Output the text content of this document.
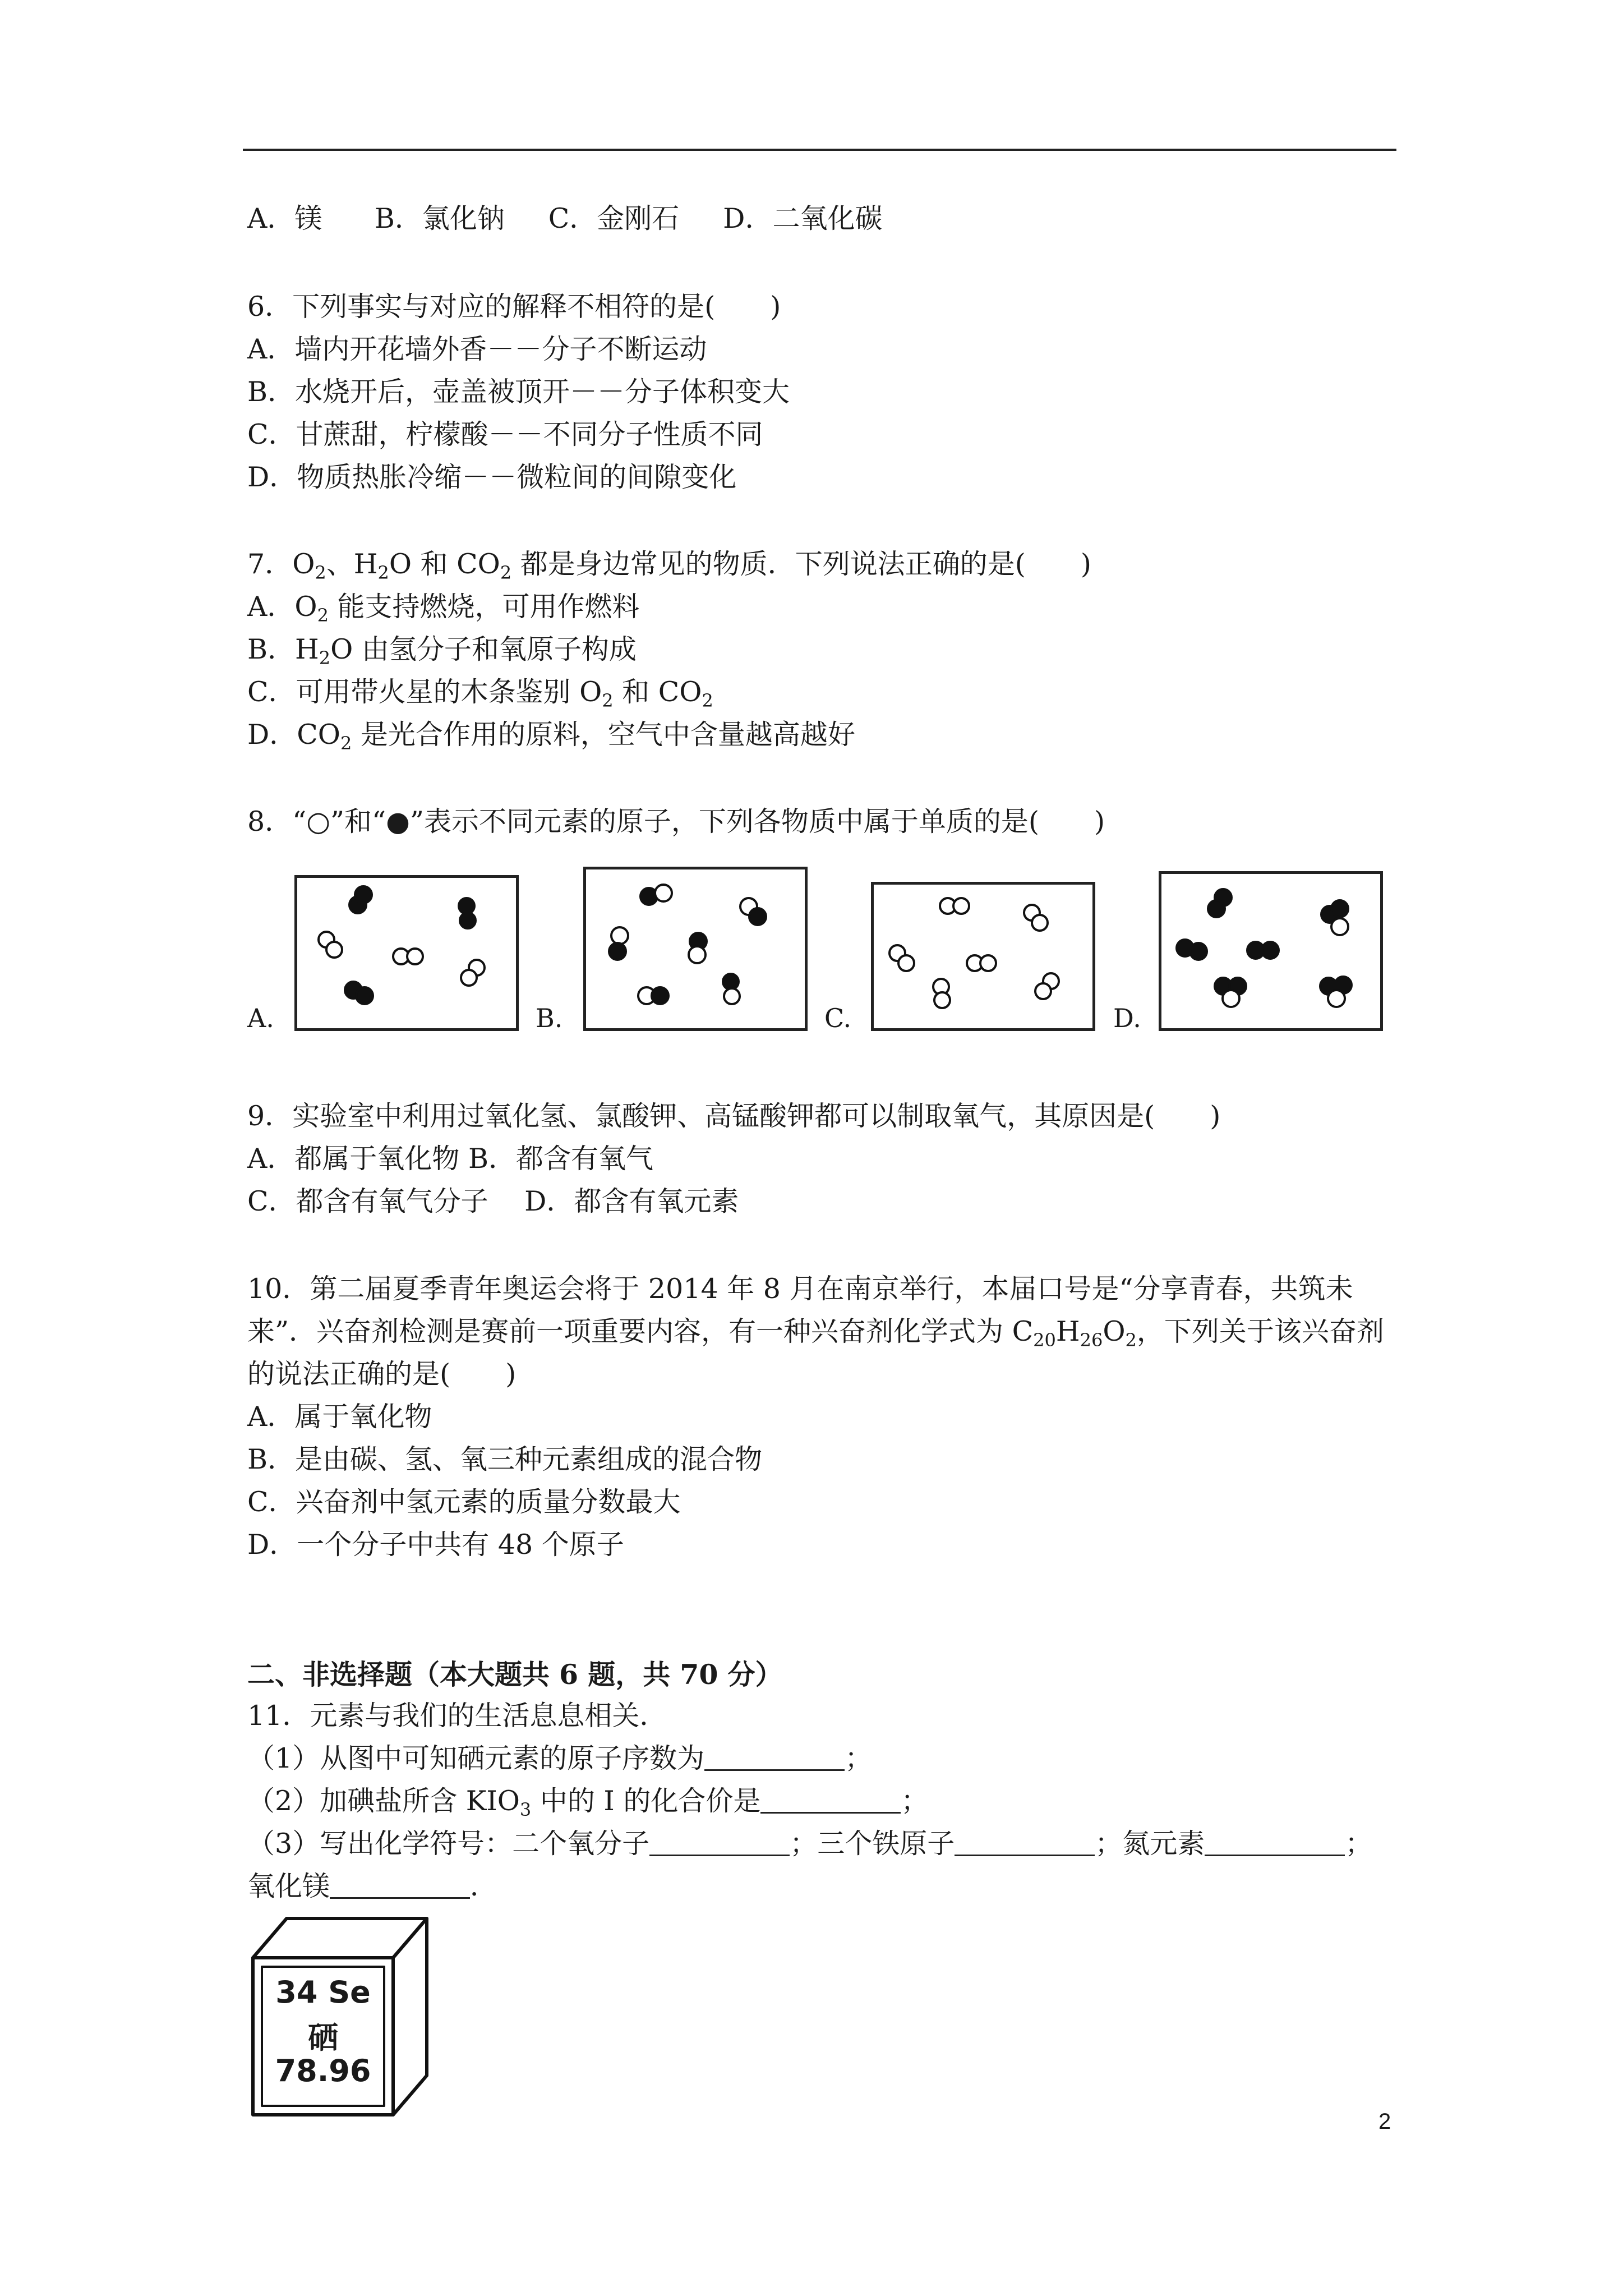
A．镁 B．氯化钠 C．金刚石 D．二氧化碳
6．下列事实与对应的解释不相符的是(　　)
A．墙内开花墙外香－－分子不断运动
B．水烧开后，壶盖被顶开－－分子体积变大
C．甘蔗甜，柠檬酸－－不同分子性质不同
D．物质热胀冷缩－－微粒间的间隙变化
7．$O_2$、$H_2O$ 和 $CO_2$ 都是身边常见的物质．下列说法正确的是(　　)
A．$O_2$ 能支持燃烧，可用作燃料
B．$H_2O$ 由氢分子和氧原子构成
C．可用带火星的木条鉴别 $O_2$ 和 $CO_2$
D．$CO_2$ 是光合作用的原料，空气中含量越高越好
8．“○”和“●”表示不同元素的原子，下列各物质中属于单质的是(　　)
A.	B.	C.	D.
9．实验室中利用过氧化氢、氯酸钾、高锰酸钾都可以制取氧气，其原因是(　　)
A．都属于氧化物 B．都含有氧气
C．都含有氧气分子　 D．都含有氧元素
10．第二届夏季青年奥运会将于 2014 年 8 月在南京举行，本届口号是“分享青春，共筑未
来”．兴奋剂检测是赛前一项重要内容，有一种兴奋剂化学式为 $C_{20}H_{26}O_2$，下列关于该兴奋剂
的说法正确的是(　　)
A．属于氧化物
B．是由碳、氢、氧三种元素组成的混合物
C．兴奋剂中氢元素的质量分数最大
D．一个分子中共有 48 个原子
二、非选择题（本大题共 6 题，共 70 分）
11．元素与我们的生活息息相关．
（1）从图中可知硒元素的原子序数为	；
（2）加碘盐所含 $KIO_3$ 中的 I 的化合价是	；
（3）写出化学符号：二个氧分子	；三个铁原子	；氮元素	；
氧化镁	．
34 Se
硒
78.96
2
